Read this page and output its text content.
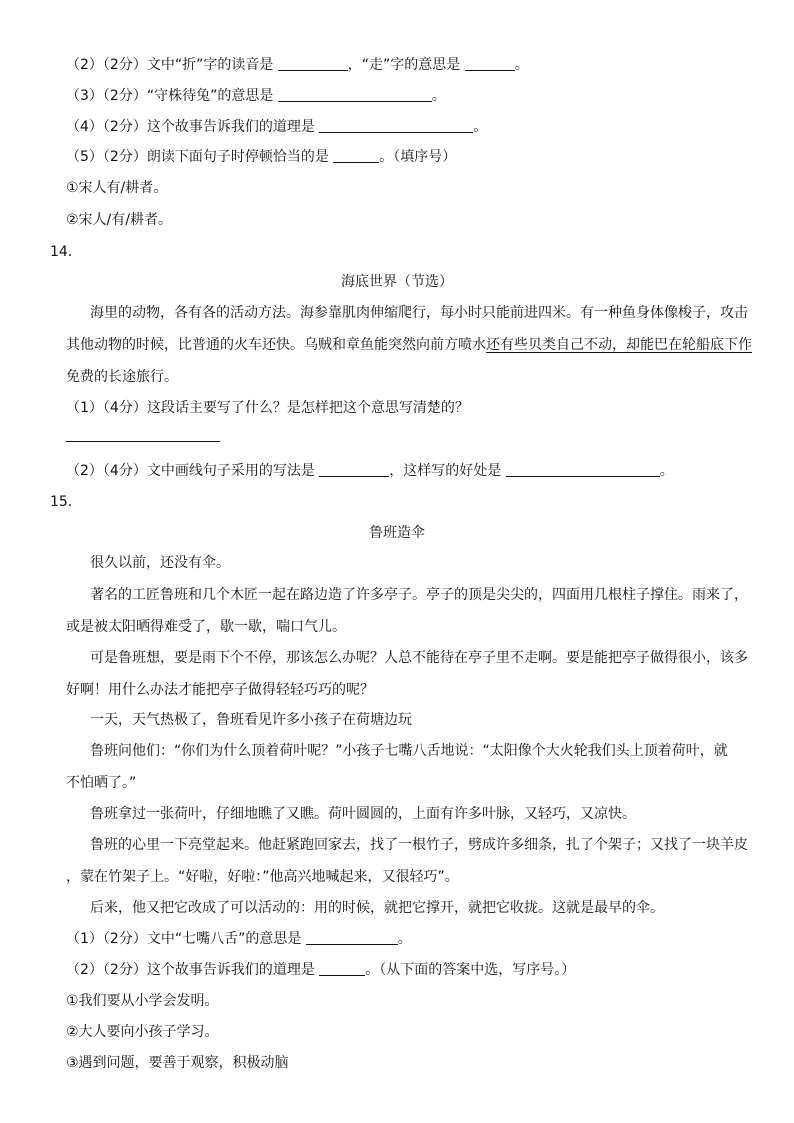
（2）（2分）文中“折”字的读音是	，“走”字的意思是	。
（3）（2分）“守株待兔”的意思是	。
（4）（2分）这个故事告诉我们的道理是	。
（5）（2分）朗读下面句子时停顿恰当的是	。（填序号）
①宋人有/耕者。
②宋人/有/耕者。
14．
海底世界（节选）
海里的动物，各有各的活动方法。海参靠肌肉伸缩爬行，每小时只能前进四米。有一种鱼身体像梭子，攻击
其他动物的时候，比普通的火车还快。乌贼和章鱼能突然向前方喷水还有些贝类自己不动，却能巴在轮船底下作
免费的长途旅行。
（1）（4分）这段话主要写了什么？是怎样把这个意思写清楚的？
（2）（4分）文中画线句子采用的写法是	，这样写的好处是	。
15．
鲁班造伞
很久以前，还没有伞。
著名的工匠鲁班和几个木匠一起在路边造了许多亭子。亭子的顶是尖尖的，四面用几根柱子撑住。雨来了，
或是被太阳晒得难受了，歇一歇，喘口气儿。
可是鲁班想，要是雨下个不停，那该怎么办呢？人总不能待在亭子里不走啊。要是能把亭子做得很小，该多
好啊！用什么办法才能把亭子做得轻轻巧巧的呢？
一天，天气热极了，鲁班看见许多小孩子在荷塘边玩
鲁班问他们：“你们为什么顶着荷叶呢？”小孩子七嘴八舌地说：“太阳像个大火轮我们头上顶着荷叶，就
不怕晒了。”
鲁班拿过一张荷叶，仔细地瞧了又瞧。荷叶圆圆的，上面有许多叶脉，又轻巧，又凉快。
鲁班的心里一下亮堂起来。他赶紧跑回家去，找了一根竹子，劈成许多细条，扎了个架子；又找了一块羊皮
，蒙在竹架子上。“好啦，好啦：”他高兴地喊起来，又很轻巧”。
后来，他又把它改成了可以活动的：用的时候，就把它撑开，就把它收拢。这就是最早的伞。
（1）（2分）文中“七嘴八舌”的意思是	。
（2）（2分）这个故事告诉我们的道理是	。（从下面的答案中选，写序号。）
①我们要从小学会发明。
②大人要向小孩子学习。
③遇到问题，要善于观察，积极动脑
